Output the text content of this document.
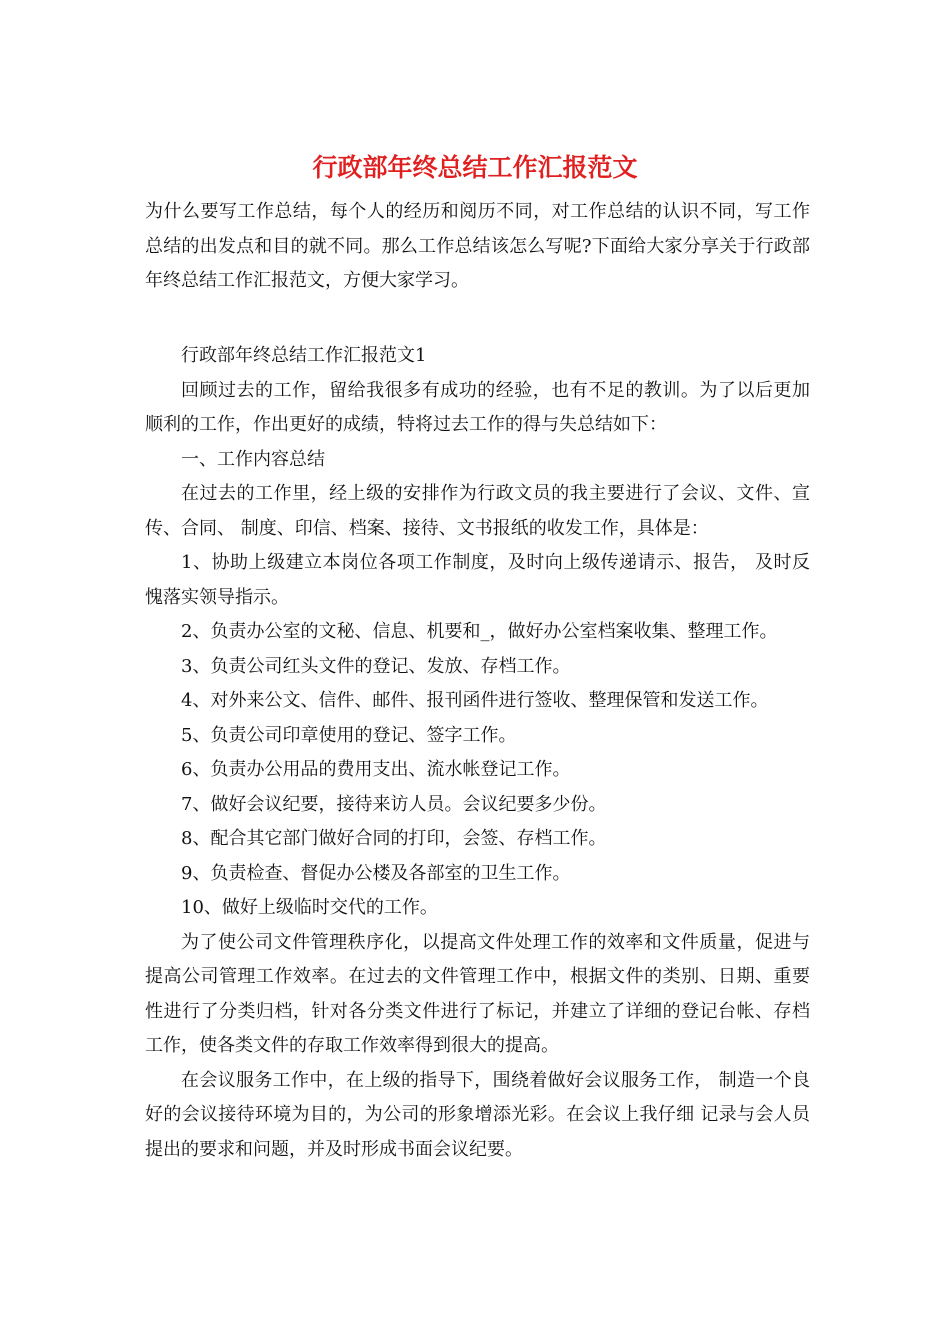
行政部年终总结工作汇报范文

为什么要写工作总结，每个人的经历和阅历不同，对工作总结的认识不同，写工作总结的出发点和目的就不同。那么工作总结该怎么写呢?下面给大家分享关于行政部年终总结工作汇报范文，方便大家学习。

行政部年终总结工作汇报范文1

回顾过去的工作，留给我很多有成功的经验，也有不足的教训。为了以后更加顺利的工作，作出更好的成绩，特将过去工作的得与失总结如下：

一、工作内容总结

在过去的工作里，经上级的安排作为行政文员的我主要进行了会议、文件、宣传、合同、 制度、印信、档案、接待、文书报纸的收发工作，具体是：

1、协助上级建立本岗位各项工作制度，及时向上级传递请示、报告， 及时反愧落实领导指示。

2、负责办公室的文秘、信息、机要和_，做好办公室档案收集、整理工作。

3、负责公司红头文件的登记、发放、存档工作。

4、对外来公文、信件、邮件、报刊函件进行签收、整理保管和发送工作。

5、负责公司印章使用的登记、签字工作。

6、负责办公用品的费用支出、流水帐登记工作。

7、做好会议纪要，接待来访人员。会议纪要多少份。

8、配合其它部门做好合同的打印，会签、存档工作。

9、负责检查、督促办公楼及各部室的卫生工作。

10、做好上级临时交代的工作。

为了使公司文件管理秩序化，以提高文件处理工作的效率和文件质量，促进与提高公司管理工作效率。在过去的文件管理工作中，根据文件的类别、日期、重要性进行了分类归档，针对各分类文件进行了标记，并建立了详细的登记台帐、存档工作，使各类文件的存取工作效率得到很大的提高。

在会议服务工作中，在上级的指导下，围绕着做好会议服务工作， 制造一个良好的会议接待环境为目的，为公司的形象增添光彩。在会议上我仔细 记录与会人员提出的要求和问题，并及时形成书面会议纪要。
